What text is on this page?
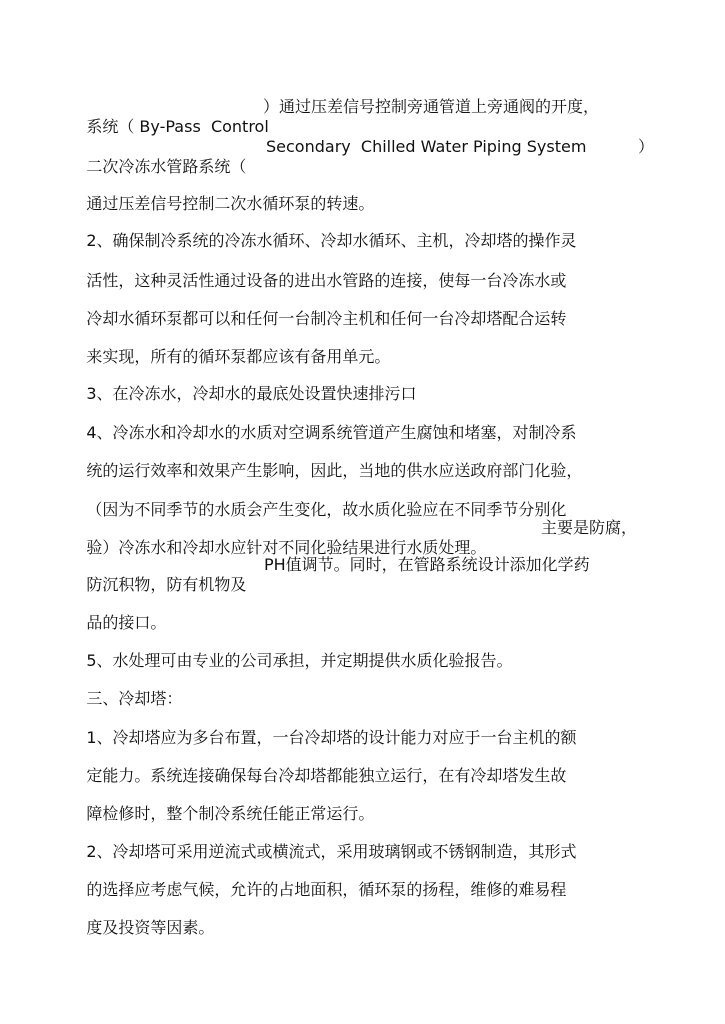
系统（ By-Pass  Control

）通过压差信号控制旁通管道上旁通阀的开度，

二次冷冻水管路系统（

Secondary  Chilled Water Piping System	）

通过压差信号控制二次水循环泵的转速。

2、确保制冷系统的冷冻水循环、冷却水循环、主机，冷却塔的操作灵

活性，这种灵活性通过设备的进出水管路的连接，使每一台冷冻水或

冷却水循环泵都可以和任何一台制冷主机和任何一台冷却塔配合运转

来实现，所有的循环泵都应该有备用单元。

3、在冷冻水，冷却水的最底处设置快速排污口

4、冷冻水和冷却水的水质对空调系统管道产生腐蚀和堵塞，对制冷系

统的运行效率和效果产生影响，因此，当地的供水应送政府部门化验，

（因为不同季节的水质会产生变化，故水质化验应在不同季节分别化

验）冷冻水和冷却水应针对不同化验结果进行水质处理。

主要是防腐，

防沉积物，防有机物及

PH值调节。同时，在管路系统设计添加化学药

品的接口。

5、水处理可由专业的公司承担，并定期提供水质化验报告。

三、冷却塔：

1、冷却塔应为多台布置，一台冷却塔的设计能力对应于一台主机的额

定能力。系统连接确保每台冷却塔都能独立运行，在有冷却塔发生故

障检修时，整个制冷系统任能正常运行。

2、冷却塔可采用逆流式或横流式，采用玻璃钢或不锈钢制造，其形式

的选择应考虑气候，允许的占地面积，循环泵的扬程，维修的难易程

度及投资等因素。
